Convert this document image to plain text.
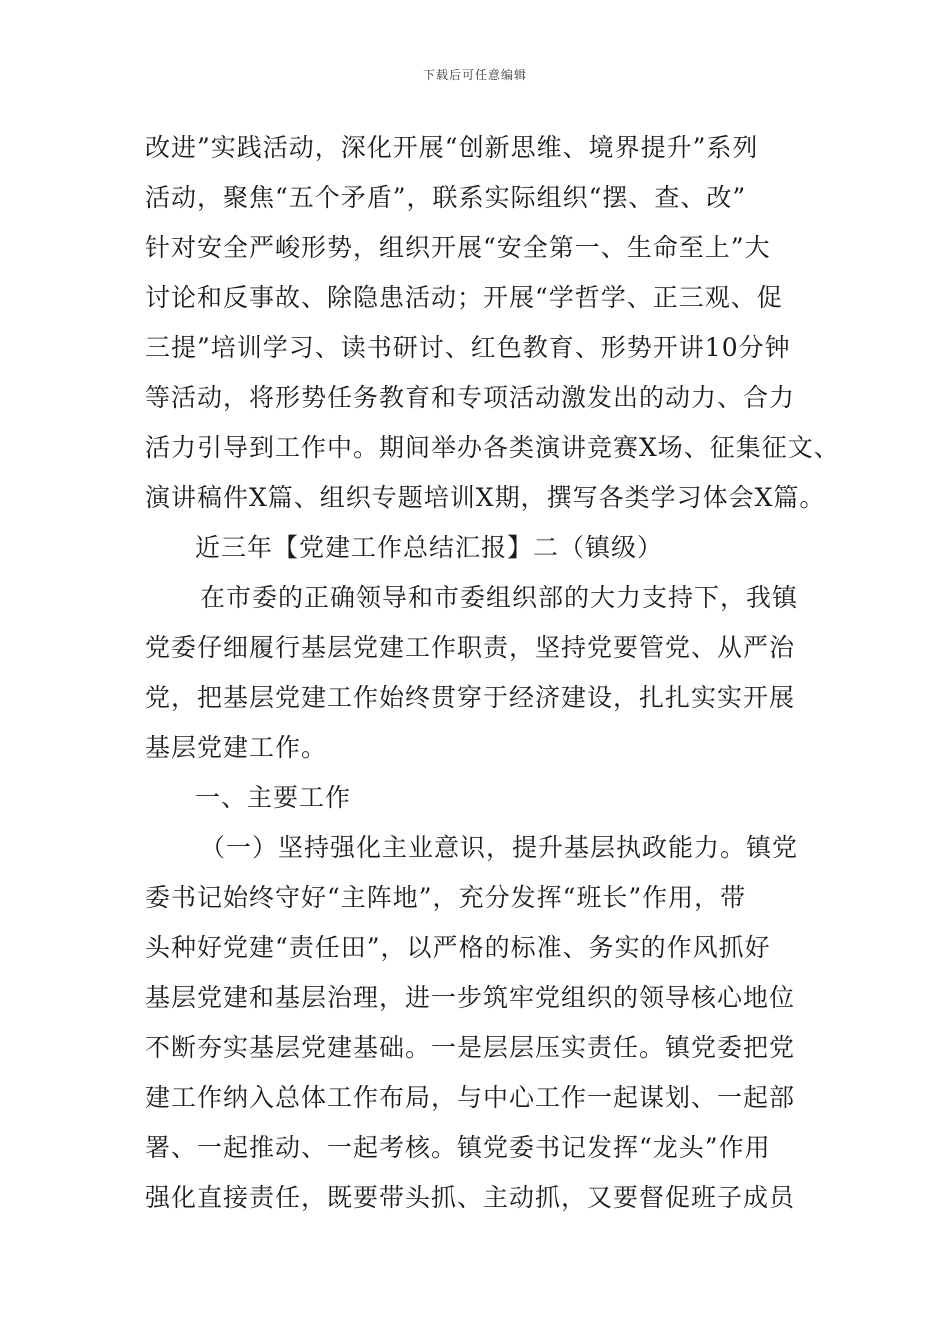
下载后可任意编辑
改进”实践活动，深化开展“创新思维、境界提升”系列
活动，聚焦“五个矛盾”，联系实际组织“摆、查、改”
针对安全严峻形势，组织开展“安全第一、生命至上”大
讨论和反事故、除隐患活动；开展“学哲学、正三观、促
三提”培训学习、读书研讨、红色教育、形势开讲10分钟
等活动，将形势任务教育和专项活动激发出的动力、合力
活力引导到工作中。期间举办各类演讲竞赛X场、征集征文、
演讲稿件X篇、组织专题培训X期，撰写各类学习体会X篇。
近三年【党建工作总结汇报】二（镇级）
在市委的正确领导和市委组织部的大力支持下，我镇
党委仔细履行基层党建工作职责，坚持党要管党、从严治
党，把基层党建工作始终贯穿于经济建设，扎扎实实开展
基层党建工作。
一、主要工作
（一）坚持强化主业意识，提升基层执政能力。镇党
委书记始终守好“主阵地”，充分发挥“班长”作用，带
头种好党建“责任田”，以严格的标准、务实的作风抓好
基层党建和基层治理，进一步筑牢党组织的领导核心地位
不断夯实基层党建基础。一是层层压实责任。镇党委把党
建工作纳入总体工作布局，与中心工作一起谋划、一起部
署、一起推动、一起考核。镇党委书记发挥“龙头”作用
强化直接责任，既要带头抓、主动抓，又要督促班子成员
